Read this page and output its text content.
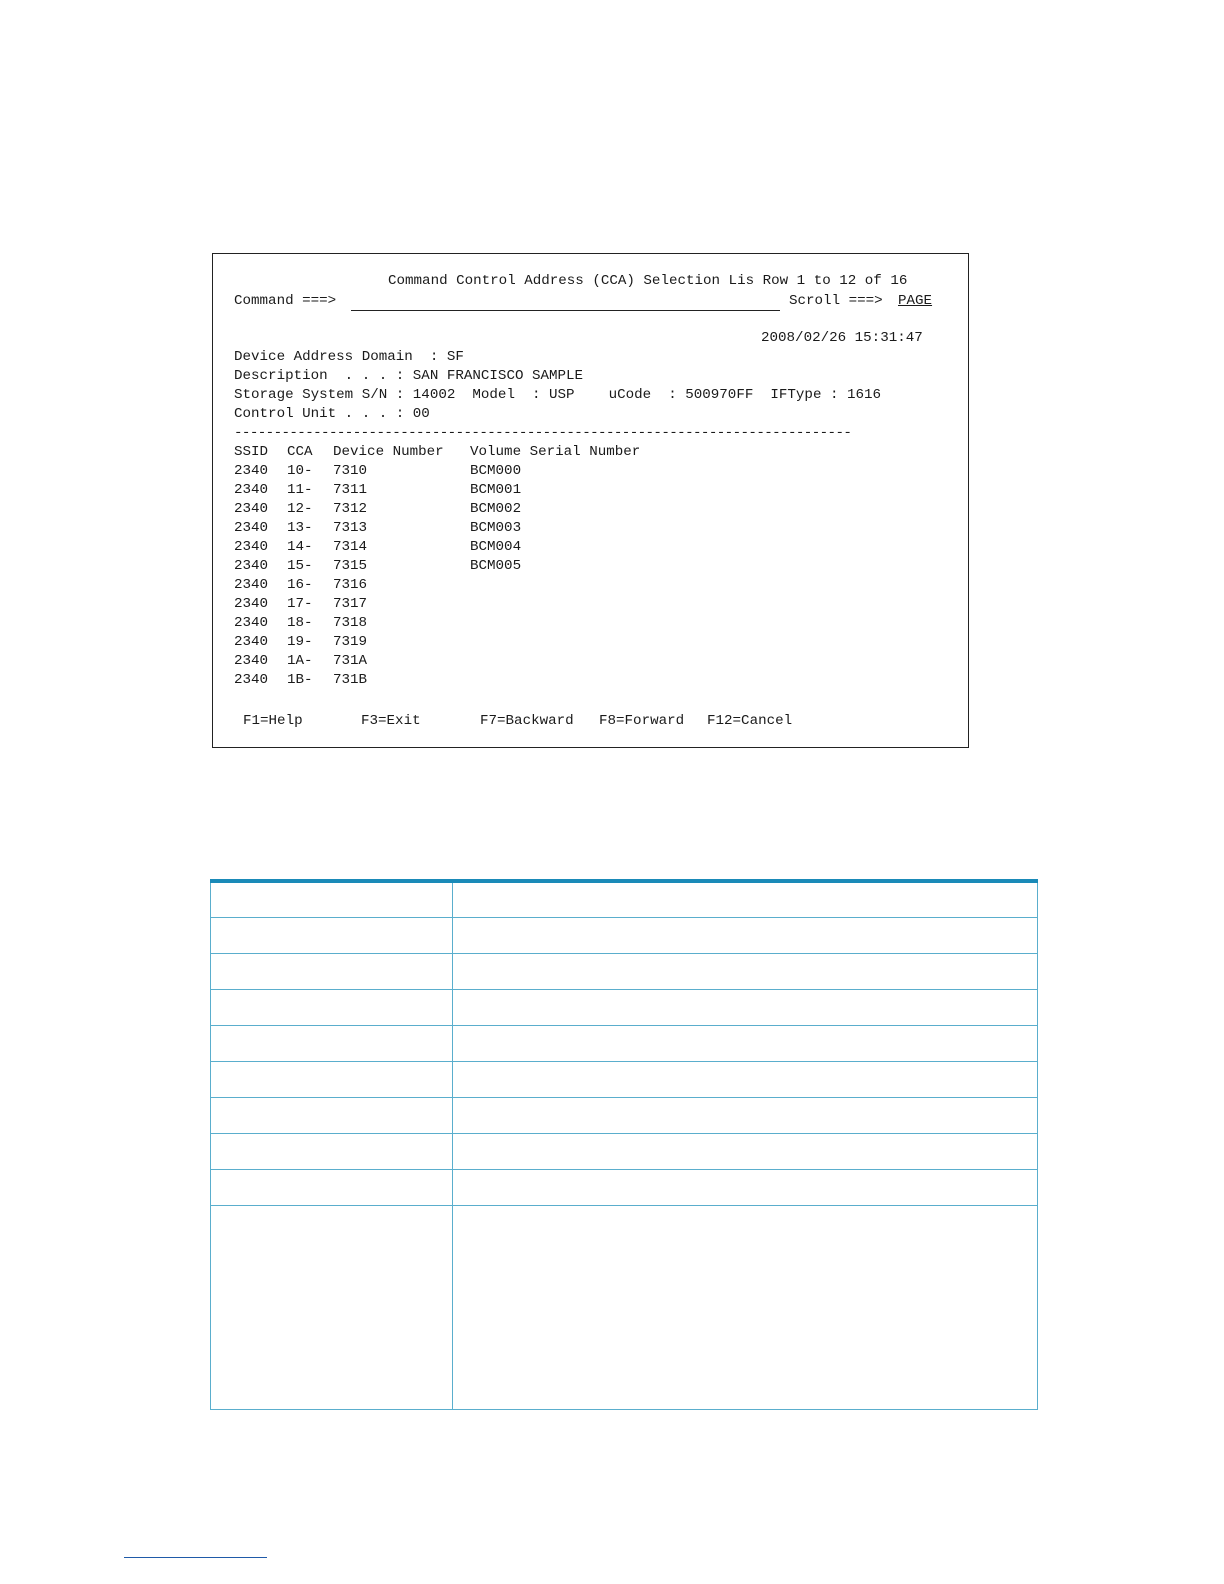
Command Control Address (CCA) Selection Lis Row 1 to 12 of 16
Command ===>	Scroll ===> PAGE
2008/02/26 15:31:47
Device Address Domain  : SF
Description  . . . : SAN FRANCISCO SAMPLE
Storage System S/N : 14002  Model  : USP    uCode  : 500970FF  IFType : 1616
Control Unit . . . : 00
------------------------------------------------------------------------------
SSID CCA Device Number Volume Serial Number
2340 10- 7310	BCM000
2340 11- 7311	BCM001
2340 12- 7312	BCM002
2340 13- 7313	BCM003
2340 14- 7314	BCM004
2340 15- 7315	BCM005
2340 16- 7316
2340 17- 7317
2340 18- 7318
2340 19- 7319
2340 1A- 731A
2340 1B- 731B
F1=Help	F3=Exit	F7=Backward F8=Forward F12=Cancel
